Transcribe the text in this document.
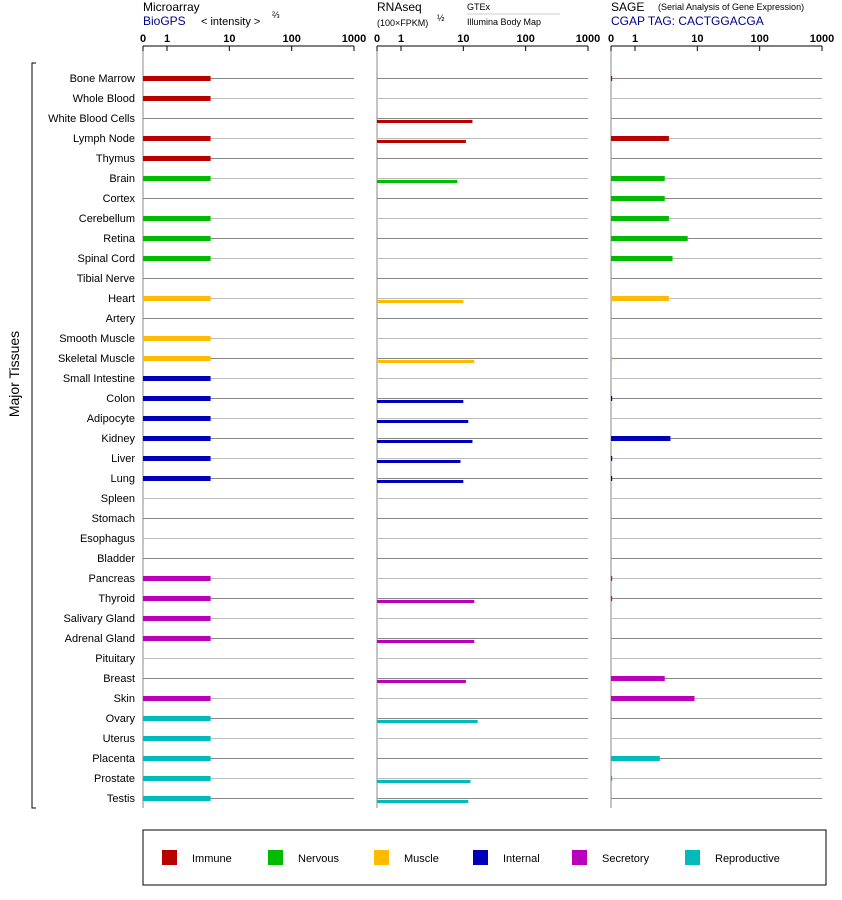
Microarray
BioGPS < intensity >
⅔
RNAseq
(100×FPKM) ½
GTEx
Illumina Body Map
SAGE (Serial Analysis of Gene Expression)
CGAP TAG: CACTGGACGA
Major Tissues
0 1	10	100	1000 0 1	10	100	1000 0 1	10	100	1000
Bone Marrow
Whole Blood
White Blood Cells
Lymph Node
Thymus
Brain
Cortex
Cerebellum
Retina
Spinal Cord
Tibial Nerve
Heart
Artery
Smooth Muscle
Skeletal Muscle
Small Intestine
Colon
Adipocyte
Kidney
Liver
Lung
Spleen
Stomach
Esophagus
Bladder
Pancreas
Thyroid
Salivary Gland
Adrenal Gland
Pituitary
Breast
Skin
Ovary
Uterus
Placenta
Prostate
Testis
Immune	Nervous	Muscle	Internal	Secretory	Reproductive
